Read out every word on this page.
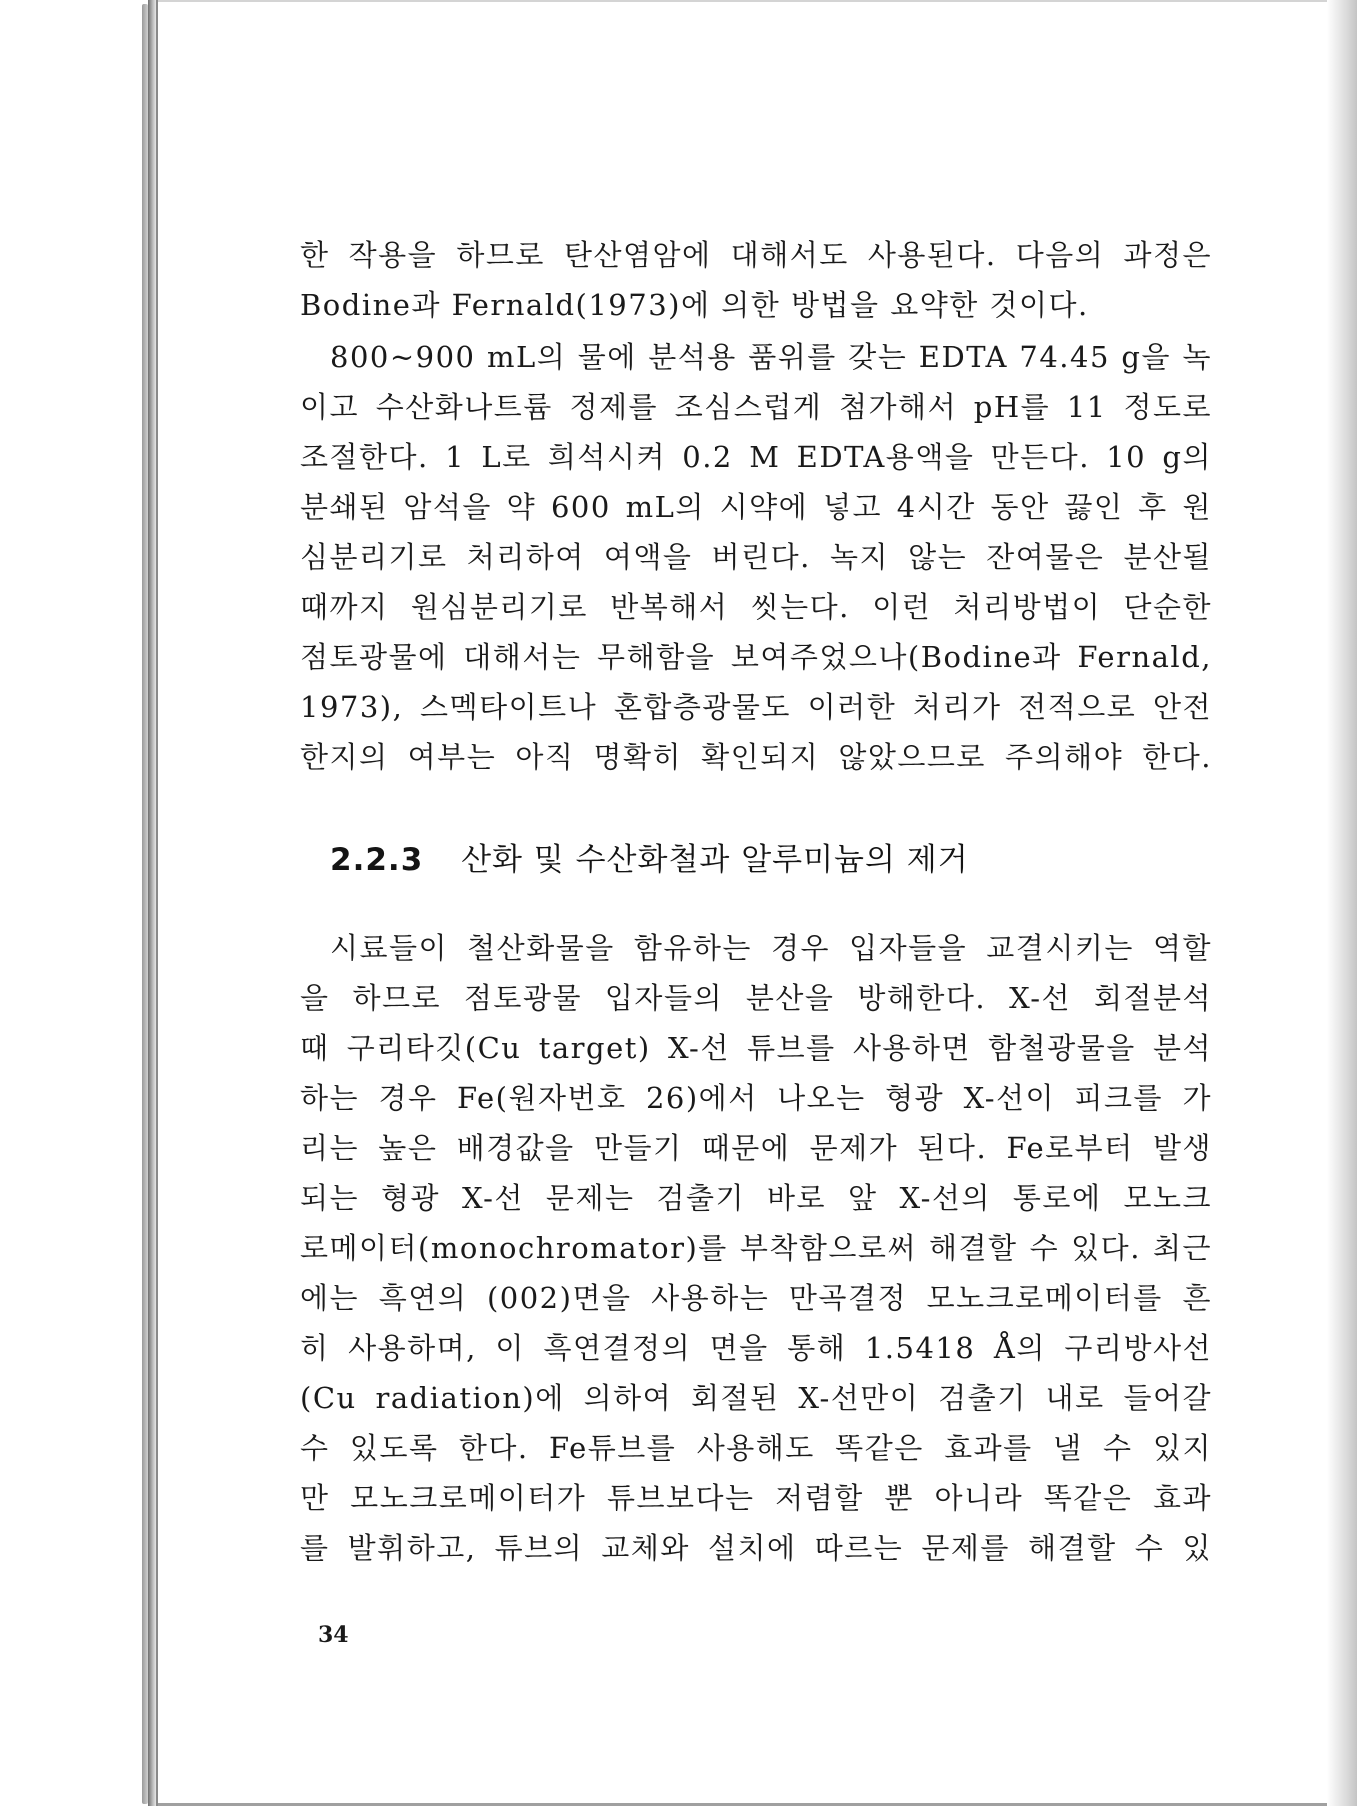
한 작용을 하므로 탄산염암에 대해서도 사용된다. 다음의 과정은
Bodine과 Fernald(1973)에 의한 방법을 요약한 것이다.

800~900 mL의 물에 분석용 품위를 갖는 EDTA 74.45 g을 녹
이고 수산화나트륨 정제를 조심스럽게 첨가해서 pH를 11 정도로
조절한다. 1 L로 희석시켜 0.2 M EDTA용액을 만든다. 10 g의
분쇄된 암석을 약 600 mL의 시약에 넣고 4시간 동안 끓인 후 원
심분리기로 처리하여 여액을 버린다. 녹지 않는 잔여물은 분산될
때까지 원심분리기로 반복해서 씻는다. 이런 처리방법이 단순한
점토광물에 대해서는 무해함을 보여주었으나(Bodine과 Fernald,
1973), 스멕타이트나 혼합층광물도 이러한 처리가 전적으로 안전
한지의 여부는 아직 명확히 확인되지 않았으므로 주의해야 한다.

2.2.3 산화 및 수산화철과 알루미늄의 제거

시료들이 철산화물을 함유하는 경우 입자들을 교결시키는 역할
을 하므로 점토광물 입자들의 분산을 방해한다. X-선 회절분석
때 구리타깃(Cu target) X-선 튜브를 사용하면 함철광물을 분석
하는 경우 Fe(원자번호 26)에서 나오는 형광 X-선이 피크를 가
리는 높은 배경값을 만들기 때문에 문제가 된다. Fe로부터 발생
되는 형광 X-선 문제는 검출기 바로 앞 X-선의 통로에 모노크
로메이터(monochromator)를 부착함으로써 해결할 수 있다. 최근
에는 흑연의 (002)면을 사용하는 만곡결정 모노크로메이터를 흔
히 사용하며, 이 흑연결정의 면을 통해 1.5418 Å의 구리방사선
(Cu radiation)에 의하여 회절된 X-선만이 검출기 내로 들어갈
수 있도록 한다. Fe튜브를 사용해도 똑같은 효과를 낼 수 있지
만 모노크로메이터가 튜브보다는 저렴할 뿐 아니라 똑같은 효과
를 발휘하고, 튜브의 교체와 설치에 따르는 문제를 해결할 수 있

34
